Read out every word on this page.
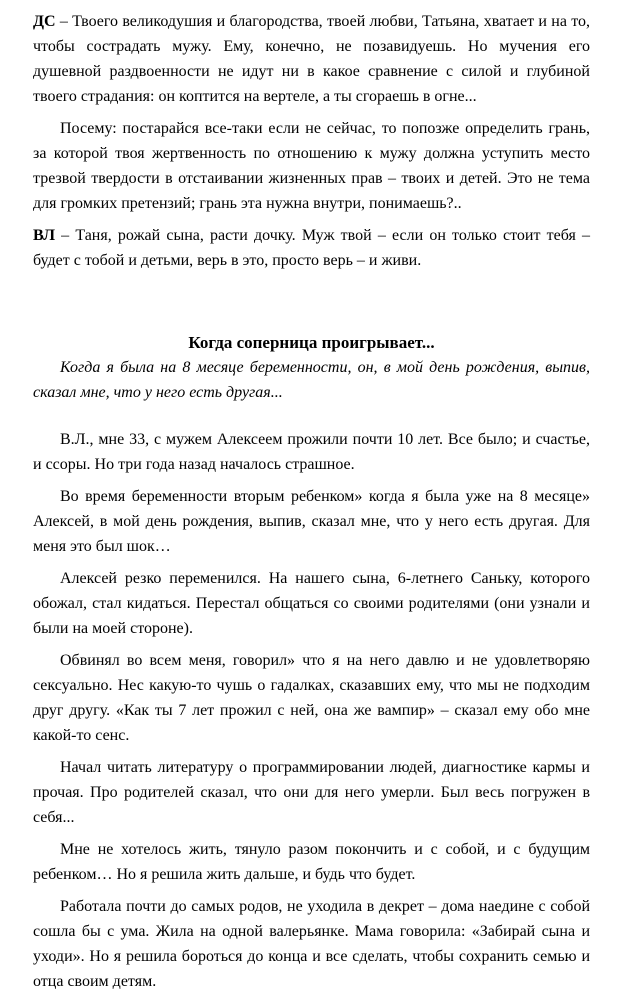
ДС – Твоего великодушия и благородства, твоей любви, Татьяна, хватает и на то, чтобы сострадать мужу. Ему, конечно, не позавидуешь. Но мучения его душевной раздвоенности не идут ни в какое сравнение с силой и глубиной твоего страдания: он коптится на вертеле, а ты сгораешь в огне...

Посему: постарайся все-таки если не сейчас, то попозже определить грань, за которой твоя жертвенность по отношению к мужу должна уступить место трезвой твердости в отстаивании жизненных прав – твоих и детей. Это не тема для громких претензий; грань эта нужна внутри, понимаешь?..

ВЛ – Таня, рожай сына, расти дочку. Муж твой – если он только стоит тебя – будет с тобой и детьми, верь в это, просто верь – и живи.

Когда соперница проигрывает...

Когда я была на 8 месяце беременности, он, в мой день рождения, выпив, сказал мне, что у него есть другая...

В.Л., мне 33, с мужем Алексеем прожили почти 10 лет. Все было; и счастье, и ссоры. Но три года назад началось страшное.

Во время беременности вторым ребенком» когда я была уже на 8 месяце» Алексей, в мой день рождения, выпив, сказал мне, что у него есть другая. Для меня это был шок…

Алексей резко переменился. На нашего сына, 6-летнего Саньку, которого обожал, стал кидаться. Перестал общаться со своими родителями (они узнали и были на моей стороне).

Обвинял во всем меня, говорил» что я на него давлю и не удовлетворяю сексуально. Нес какую-то чушь о гадалках, сказавших ему, что мы не подходим друг другу. «Как ты 7 лет прожил с ней, она же вампир» – сказал ему обо мне какой-то сенс.

Начал читать литературу о программировании людей, диагностике кармы и прочая. Про родителей сказал, что они для него умерли. Был весь погружен в себя...

Мне не хотелось жить, тянуло разом покончить и с собой, и с будущим ребенком… Но я решила жить дальше, и будь что будет.

Работала почти до самых родов, не уходила в декрет – дома наедине с собой сошла бы с ума. Жила на одной валерьянке. Мама говорила: «Забирай сына и уходи». Но я решила бороться до конца и все сделать, чтобы сохранить семью и отца своим детям.
